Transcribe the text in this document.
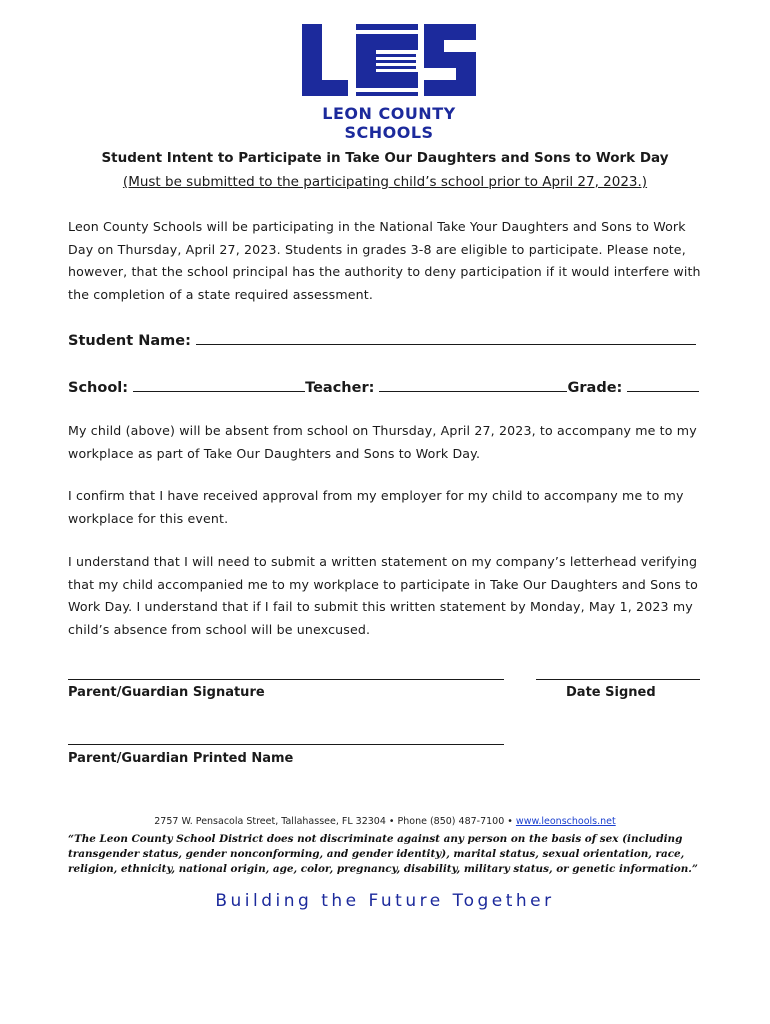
LEON COUNTY SCHOOLS
Student Intent to Participate in Take Our Daughters and Sons to Work Day
(Must be submitted to the participating child’s school prior to April 27, 2023.)
Leon County Schools will be participating in the National Take Your Daughters and Sons to Work Day on Thursday, April 27, 2023. Students in grades 3-8 are eligible to participate. Please note, however, that the school principal has the authority to deny participation if it would interfere with the completion of a state required assessment.
Student Name:
School:	Teacher:	Grade:
My child (above) will be absent from school on Thursday, April 27, 2023, to accompany me to my workplace as part of Take Our Daughters and Sons to Work Day.
I confirm that I have received approval from my employer for my child to accompany me to my workplace for this event.
I understand that I will need to submit a written statement on my company’s letterhead verifying that my child accompanied me to my workplace to participate in Take Our Daughters and Sons to Work Day. I understand that if I fail to submit this written statement by Monday, May 1, 2023 my child’s absence from school will be unexcused.
Parent/Guardian Signature	Date Signed
Parent/Guardian Printed Name
2757 W. Pensacola Street, Tallahassee, FL 32304 • Phone (850) 487-7100 • www.leonschools.net
“The Leon County School District does not discriminate against any person on the basis of sex (including transgender status, gender nonconforming, and gender identity), marital status, sexual orientation, race, religion, ethnicity, national origin, age, color, pregnancy, disability, military status, or genetic information.”
Building the Future Together
